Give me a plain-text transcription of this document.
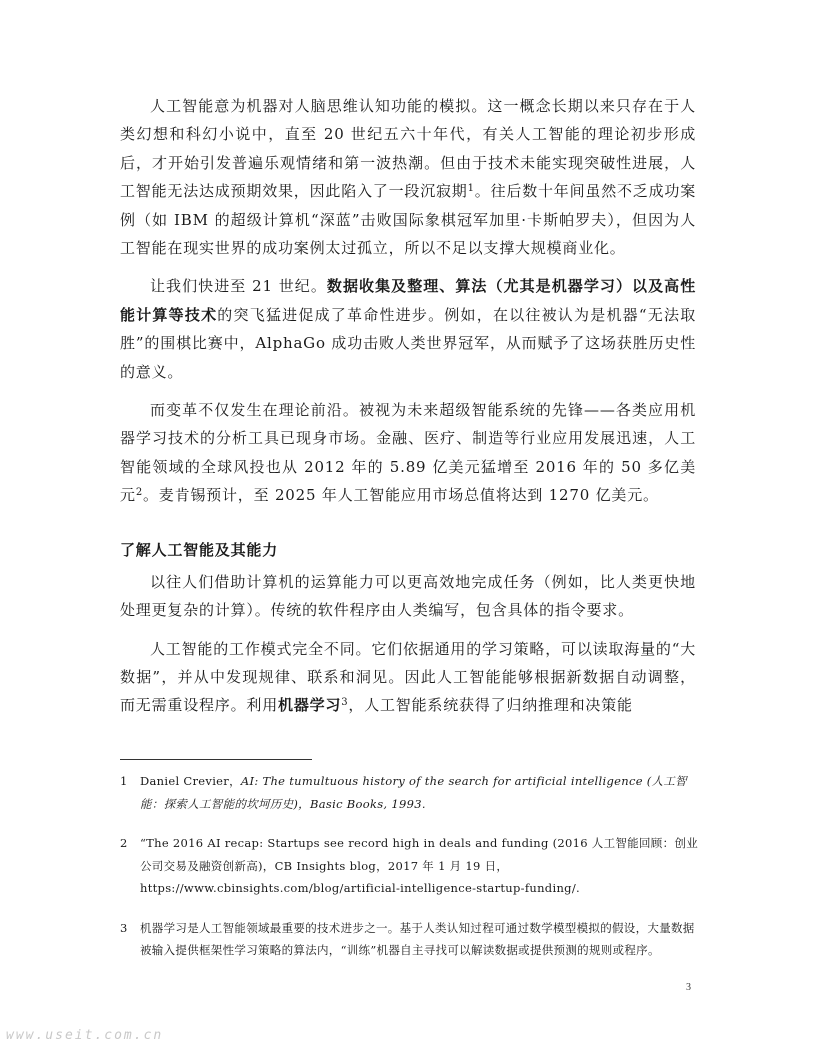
人工智能意为机器对人脑思维认知功能的模拟。这一概念长期以来只存在于人类幻想和科幻小说中，直至 20 世纪五六十年代，有关人工智能的理论初步形成后，才开始引发普遍乐观情绪和第一波热潮。但由于技术未能实现突破性进展，人工智能无法达成预期效果，因此陷入了一段沉寂期$^1$。往后数十年间虽然不乏成功案例（如 IBM 的超级计算机“深蓝”击败国际象棋冠军加里·卡斯帕罗夫），但因为人工智能在现实世界的成功案例太过孤立，所以不足以支撑大规模商业化。

让我们快进至 21 世纪。数据收集及整理、算法（尤其是机器学习）以及高性能计算等技术的突飞猛进促成了革命性进步。例如，在以往被认为是机器“无法取胜”的围棋比赛中，AlphaGo 成功击败人类世界冠军，从而赋予了这场获胜历史性的意义。

而变革不仅发生在理论前沿。被视为未来超级智能系统的先锋——各类应用机器学习技术的分析工具已现身市场。金融、医疗、制造等行业应用发展迅速，人工智能领域的全球风投也从 2012 年的 5.89 亿美元猛增至 2016 年的 50 多亿美元$^2$。麦肯锡预计，至 2025 年人工智能应用市场总值将达到 1270 亿美元。

了解人工智能及其能力

以往人们借助计算机的运算能力可以更高效地完成任务（例如，比人类更快地处理更复杂的计算）。传统的软件程序由人类编写，包含具体的指令要求。

人工智能的工作模式完全不同。它们依据通用的学习策略，可以读取海量的“大数据”，并从中发现规律、联系和洞见。因此人工智能能够根据新数据自动调整，而无需重设程序。利用机器学习$^3$，人工智能系统获得了归纳推理和决策能

1 Daniel Crevier，AI: The tumultuous history of the search for artificial intelligence (人工智能：探索人工智能的坎坷历史)，Basic Books, 1993.

2 “The 2016 AI recap: Startups see record high in deals and funding (2016 人工智能回顾：创业公司交易及融资创新高)，CB Insights blog，2017 年 1 月 19 日， https://www.cbinsights.com/blog/artificial-intelligence-startup-funding/.

3 机器学习是人工智能领域最重要的技术进步之一。基于人类认知过程可通过数学模型模拟的假设，大量数据被输入提供框架性学习策略的算法内，“训练”机器自主寻找可以解读数据或提供预测的规则或程序。

3
www.useit.com.cn
